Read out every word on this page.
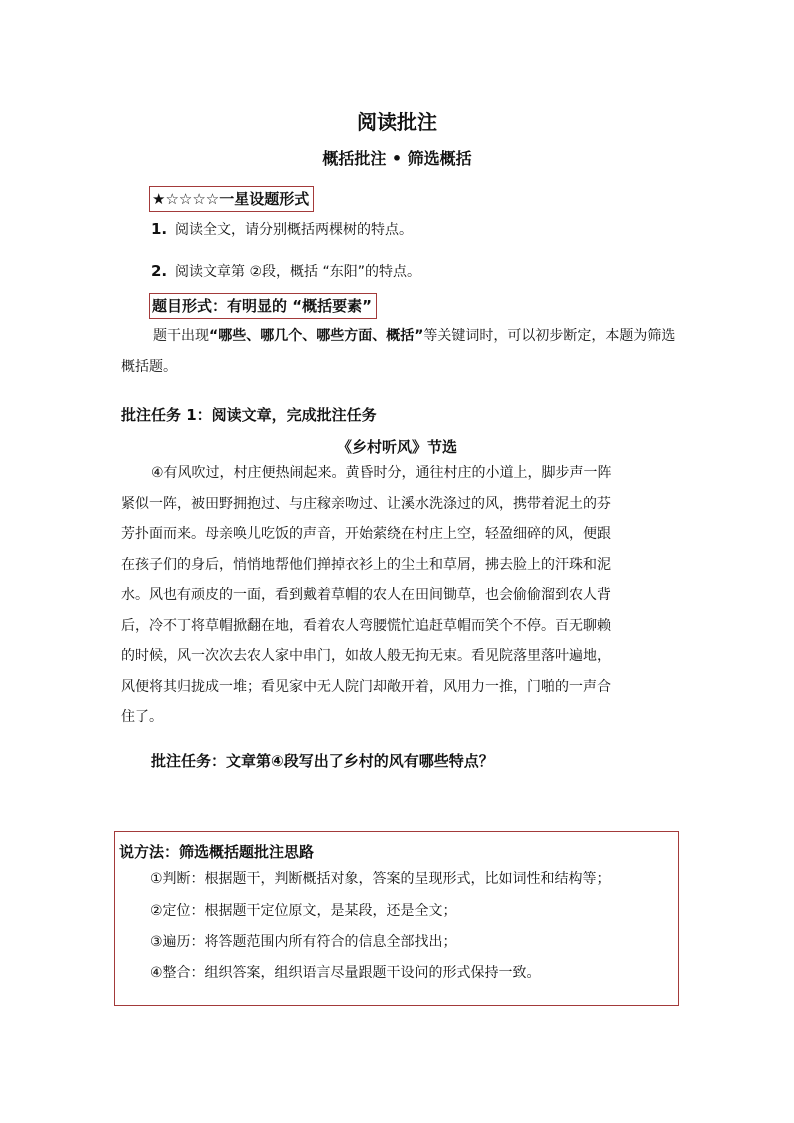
阅读批注
概括批注 • 筛选概括
★☆☆☆☆一星设题形式
1. 阅读全文，请分别概括两棵树的特点。
2. 阅读文章第 ②段，概括 “东阳”的特点。
题目形式：有明显的 “概括要素”
题干出现“哪些、哪几个、哪些方面、概括”等关键词时，可以初步断定，本题为筛选概括题。
批注任务 1：阅读文章，完成批注任务
《乡村听风》节选
④有风吹过，村庄便热闹起来。黄昏时分，通往村庄的小道上，脚步声一阵
紧似一阵，被田野拥抱过、与庄稼亲吻过、让溪水洗涤过的风，携带着泥土的芬
芳扑面而来。母亲唤儿吃饭的声音，开始萦绕在村庄上空，轻盈细碎的风，便跟
在孩子们的身后，悄悄地帮他们掸掉衣衫上的尘土和草屑，拂去脸上的汗珠和泥
水。风也有顽皮的一面，看到戴着草帽的农人在田间锄草，也会偷偷溜到农人背
后，冷不丁将草帽掀翻在地，看着农人弯腰慌忙追赶草帽而笑个不停。百无聊赖
的时候，风一次次去农人家中串门，如故人般无拘无束。看见院落里落叶遍地，
风便将其归拢成一堆；看见家中无人院门却敞开着，风用力一推，门啪的一声合
住了。
批注任务：文章第④段写出了乡村的风有哪些特点？
说方法：筛选概括题批注思路
①判断：根据题干，判断概括对象，答案的呈现形式，比如词性和结构等；
②定位：根据题干定位原文，是某段，还是全文；
③遍历：将答题范围内所有符合的信息全部找出；
④整合：组织答案，组织语言尽量跟题干设问的形式保持一致。
